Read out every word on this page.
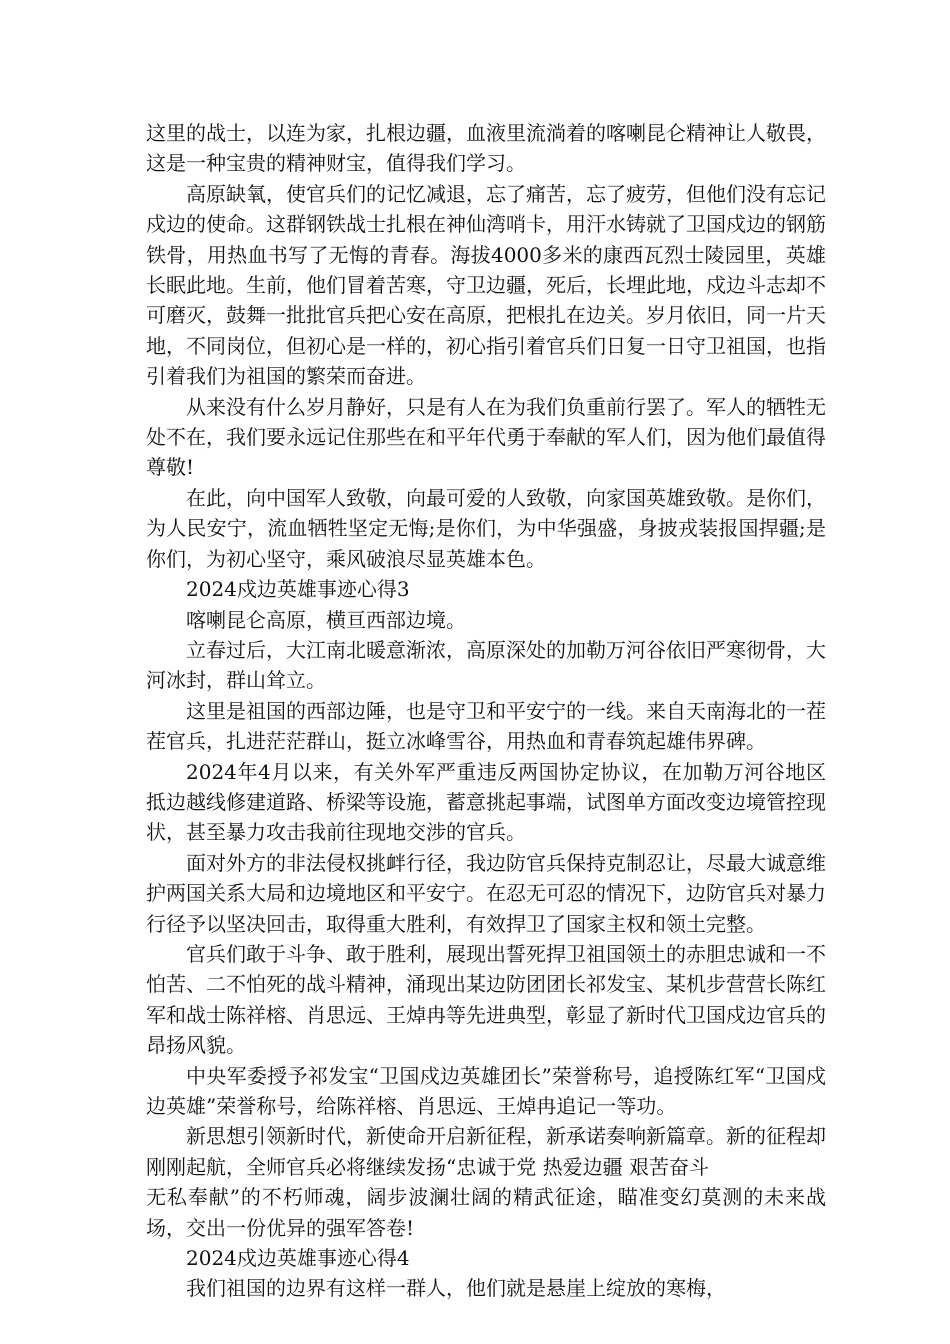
这里的战士，以连为家，扎根边疆，血液里流淌着的喀喇昆仑精神让人敬畏，这是一种宝贵的精神财宝，值得我们学习。

高原缺氧，使官兵们的记忆减退，忘了痛苦，忘了疲劳，但他们没有忘记戍边的使命。这群钢铁战士扎根在神仙湾哨卡，用汗水铸就了卫国戍边的钢筋铁骨，用热血书写了无悔的青春。海拔4000多米的康西瓦烈士陵园里，英雄长眠此地。生前，他们冒着苦寒，守卫边疆，死后，长埋此地，戍边斗志却不可磨灭，鼓舞一批批官兵把心安在高原，把根扎在边关。岁月依旧，同一片天地，不同岗位，但初心是一样的，初心指引着官兵们日复一日守卫祖国，也指引着我们为祖国的繁荣而奋进。

从来没有什么岁月静好，只是有人在为我们负重前行罢了。军人的牺牲无处不在，我们要永远记住那些在和平年代勇于奉献的军人们，因为他们最值得尊敬!

在此，向中国军人致敬，向最可爱的人致敬，向家国英雄致敬。是你们，为人民安宁，流血牺牲坚定无悔;是你们，为中华强盛，身披戎装报国捍疆;是你们，为初心坚守，乘风破浪尽显英雄本色。

2024戍边英雄事迹心得3

喀喇昆仑高原，横亘西部边境。

立春过后，大江南北暖意渐浓，高原深处的加勒万河谷依旧严寒彻骨，大河冰封，群山耸立。

这里是祖国的西部边陲，也是守卫和平安宁的一线。来自天南海北的一茬茬官兵，扎进茫茫群山，挺立冰峰雪谷，用热血和青春筑起雄伟界碑。

2024年4月以来，有关外军严重违反两国协定协议，在加勒万河谷地区抵边越线修建道路、桥梁等设施，蓄意挑起事端，试图单方面改变边境管控现状，甚至暴力攻击我前往现地交涉的官兵。

面对外方的非法侵权挑衅行径，我边防官兵保持克制忍让，尽最大诚意维护两国关系大局和边境地区和平安宁。在忍无可忍的情况下，边防官兵对暴力行径予以坚决回击，取得重大胜利，有效捍卫了国家主权和领土完整。

官兵们敢于斗争、敢于胜利，展现出誓死捍卫祖国领土的赤胆忠诚和一不怕苦、二不怕死的战斗精神，涌现出某边防团团长祁发宝、某机步营营长陈红军和战士陈祥榕、肖思远、王焯冉等先进典型，彰显了新时代卫国戍边官兵的昂扬风貌。

中央军委授予祁发宝“卫国戍边英雄团长”荣誉称号，追授陈红军“卫国戍边英雄”荣誉称号，给陈祥榕、肖思远、王焯冉追记一等功。

新思想引领新时代，新使命开启新征程，新承诺奏响新篇章。新的征程却刚刚起航，全师官兵必将继续发扬“忠诚于党 热爱边疆 艰苦奋斗
无私奉献”的不朽师魂，阔步波澜壮阔的精武征途，瞄准变幻莫测的未来战场，交出一份优异的强军答卷!

2024戍边英雄事迹心得4

我们祖国的边界有这样一群人，他们就是悬崖上绽放的寒梅，
